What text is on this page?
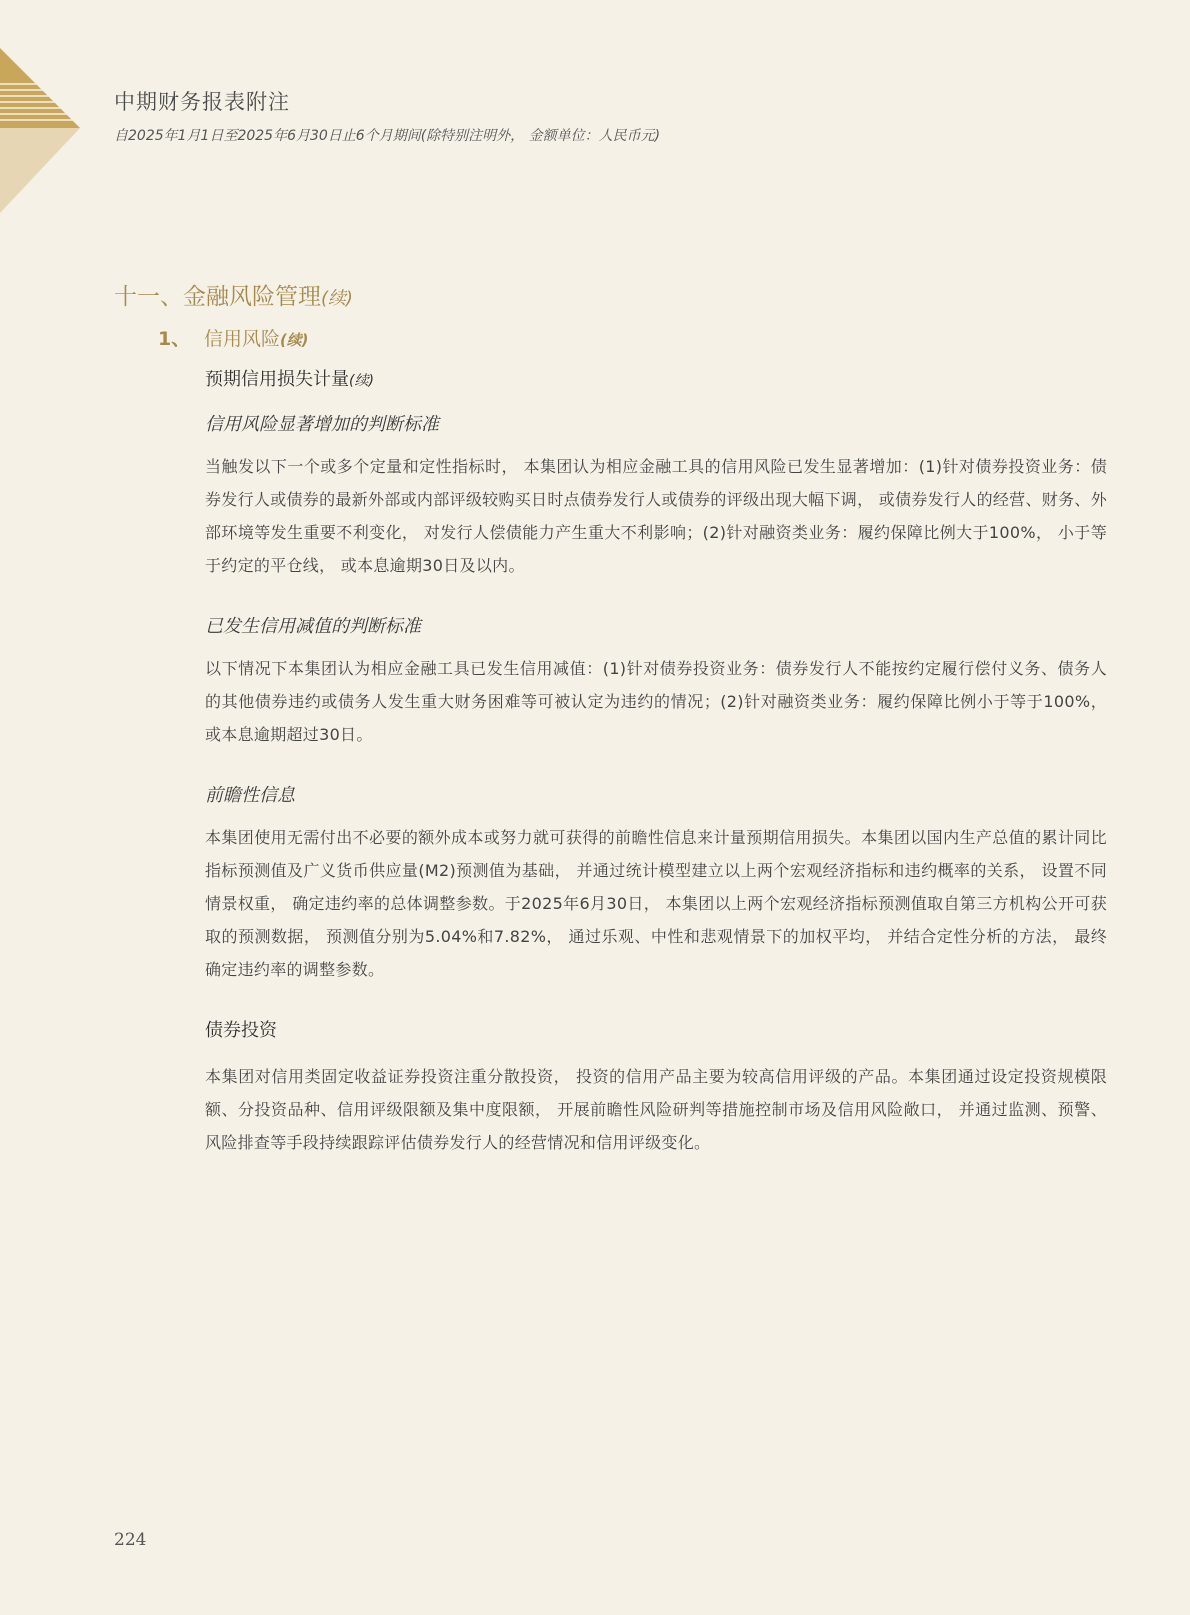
中期财务报表附注
自2025年1月1日至2025年6月30日止6个月期间(除特别注明外， 金额单位：人民币元)
十一、金融风险管理(续)
1、 信用风险(续)
预期信用损失计量(续)
信用风险显著增加的判断标准

当触发以下一个或多个定量和定性指标时， 本集团认为相应金融工具的信用风险已发生显著增加：(1)针对债券投资业务：债券发行人或债券的最新外部或内部评级较购买日时点债券发行人或债券的评级出现大幅下调， 或债券发行人的经营、财务、外部环境等发生重要不利变化， 对发行人偿债能力产生重大不利影响；(2)针对融资类业务：履约保障比例大于100%， 小于等于约定的平仓线， 或本息逾期30日及以内。

已发生信用减值的判断标准

以下情况下本集团认为相应金融工具已发生信用减值：(1)针对债券投资业务：债券发行人不能按约定履行偿付义务、债务人的其他债券违约或债务人发生重大财务困难等可被认定为违约的情况；(2)针对融资类业务：履约保障比例小于等于100%， 或本息逾期超过30日。

前瞻性信息

本集团使用无需付出不必要的额外成本或努力就可获得的前瞻性信息来计量预期信用损失。本集团以国内生产总值的累计同比指标预测值及广义货币供应量(M2)预测值为基础， 并通过统计模型建立以上两个宏观经济指标和违约概率的关系， 设置不同情景权重， 确定违约率的总体调整参数。于2025年6月30日， 本集团以上两个宏观经济指标预测值取自第三方机构公开可获取的预测数据， 预测值分别为5.04%和7.82%， 通过乐观、中性和悲观情景下的加权平均， 并结合定性分析的方法， 最终确定违约率的调整参数。

债券投资

本集团对信用类固定收益证券投资注重分散投资， 投资的信用产品主要为较高信用评级的产品。本集团通过设定投资规模限额、分投资品种、信用评级限额及集中度限额， 开展前瞻性风险研判等措施控制市场及信用风险敞口， 并通过监测、预警、风险排查等手段持续跟踪评估债券发行人的经营情况和信用评级变化。

224
